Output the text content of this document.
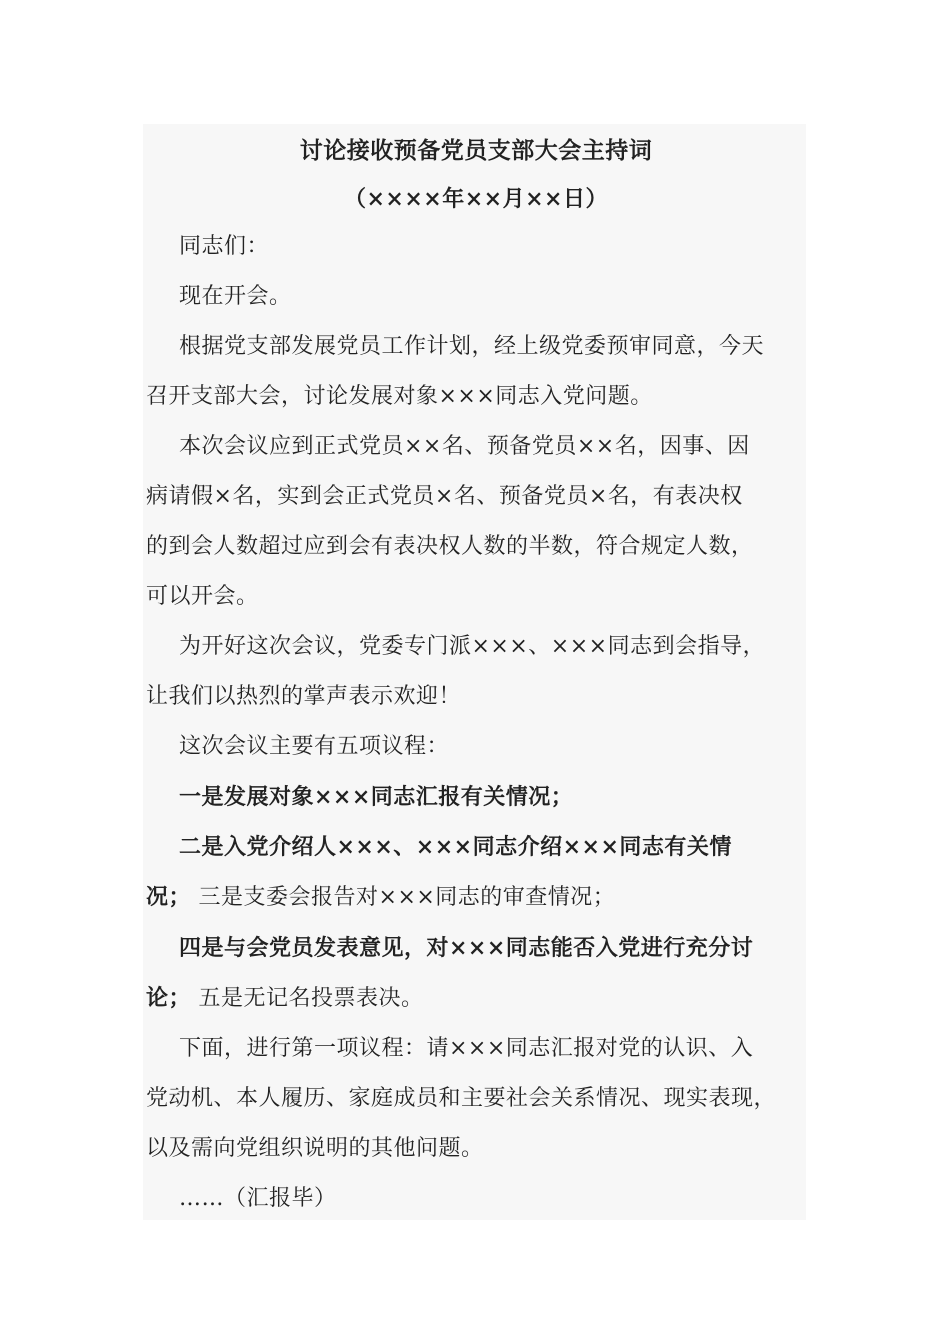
讨论接收预备党员支部大会主持词
（××××年××月××日）

同志们：

现在开会。

根据党支部发展党员工作计划，经上级党委预审同意，今天
召开支部大会，讨论发展对象×××同志入党问题。

本次会议应到正式党员××名、预备党员××名，因事、因
病请假×名，实到会正式党员×名、预备党员×名，有表决权
的到会人数超过应到会有表决权人数的半数，符合规定人数，
可以开会。

为开好这次会议，党委专门派×××、×××同志到会指导，
让我们以热烈的掌声表示欢迎！

这次会议主要有五项议程：

一是发展对象×××同志汇报有关情况；

二是入党介绍人×××、×××同志介绍×××同志有关情
况； 三是支委会报告对×××同志的审查情况；

四是与会党员发表意见，对×××同志能否入党进行充分讨
论； 五是无记名投票表决。

下面，进行第一项议程：请×××同志汇报对党的认识、入
党动机、本人履历、家庭成员和主要社会关系情况、现实表现，
以及需向党组织说明的其他问题。

……（汇报毕）
